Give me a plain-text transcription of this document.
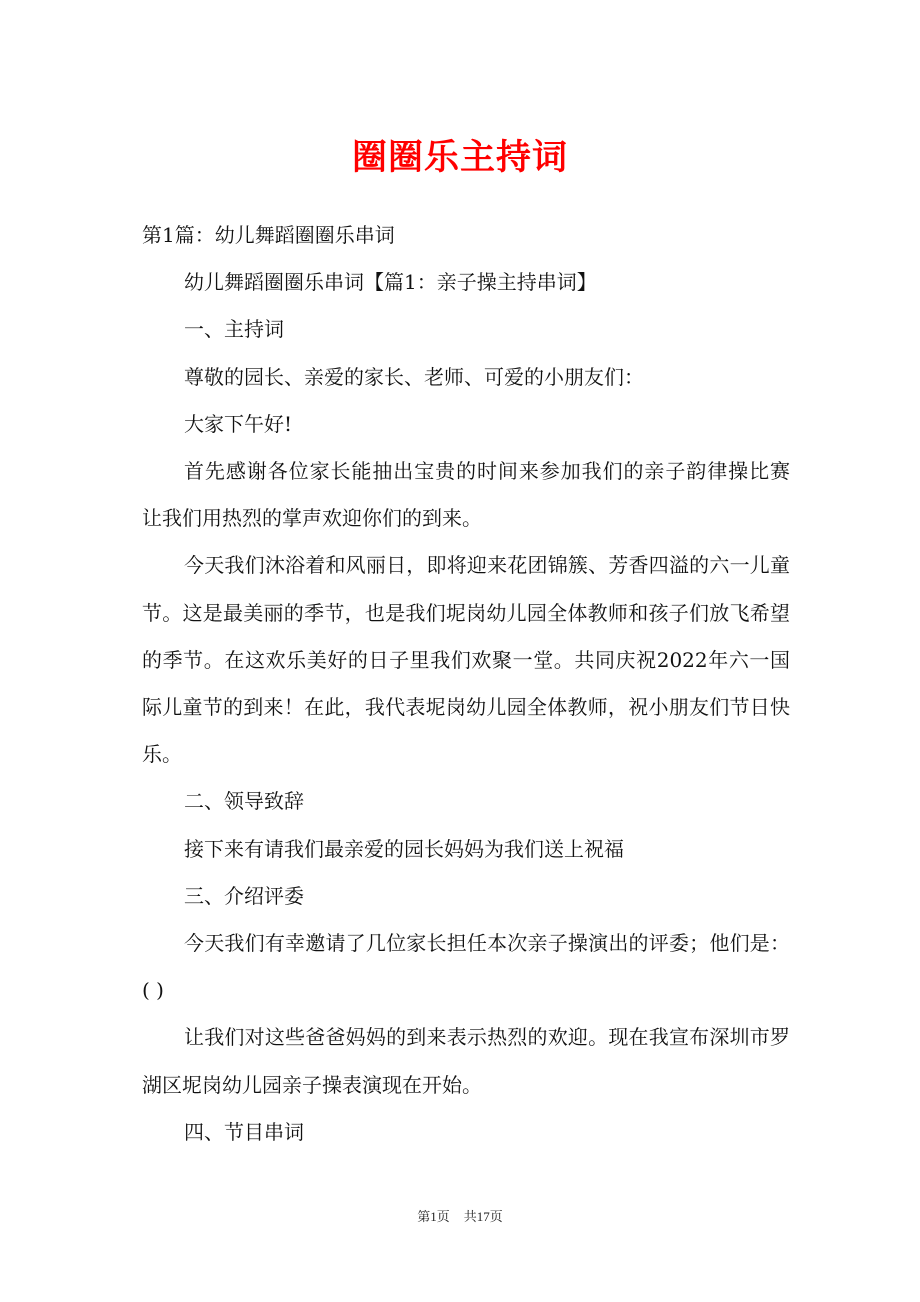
圈圈乐主持词

第1篇：幼儿舞蹈圈圈乐串词

幼儿舞蹈圈圈乐串词【篇1：亲子操主持串词】

一、主持词

尊敬的园长、亲爱的家长、老师、可爱的小朋友们：

大家下午好!

首先感谢各位家长能抽出宝贵的时间来参加我们的亲子韵律操比赛 让我们用热烈的掌声欢迎你们的到来。

今天我们沐浴着和风丽日，即将迎来花团锦簇、芳香四溢的六一儿童节。这是最美丽的季节，也是我们坭岗幼儿园全体教师和孩子们放飞希望的季节。在这欢乐美好的日子里我们欢聚一堂。共同庆祝2022年六一国际儿童节的到来！在此，我代表坭岗幼儿园全体教师，祝小朋友们节日快乐。

二、领导致辞

接下来有请我们最亲爱的园长妈妈为我们送上祝福

三、介绍评委

今天我们有幸邀请了几位家长担任本次亲子操演出的评委；他们是：( )

让我们对这些爸爸妈妈的到来表示热烈的欢迎。现在我宣布深圳市罗湖区坭岗幼儿园亲子操表演现在开始。

四、节目串词

第1页 共17页
